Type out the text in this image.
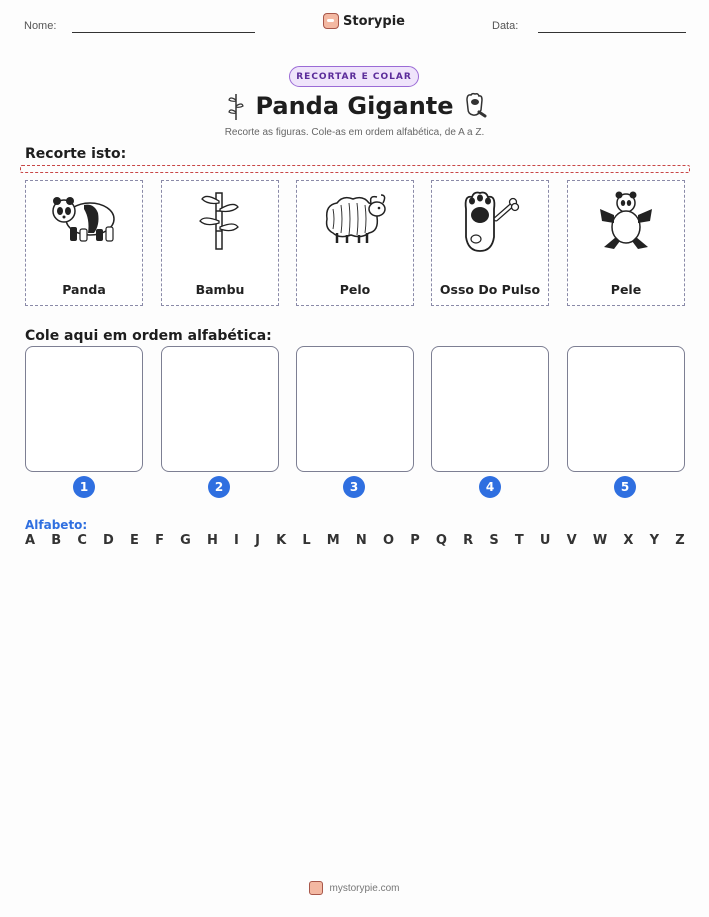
Nome:	Storypie	Data:
RECORTAR E COLAR
Panda Gigante
Recorte as figuras. Cole-as em ordem alfabética, de A a Z.
Recorte isto:
Panda	Bambu	Pelo	Osso Do Pulso	Pele
Cole aqui em ordem alfabética:
1	2	3	4	5
Alfabeto:
A B C D E F G H I J K L M N O P Q R S T U V W X Y Z
mystorypie.com
